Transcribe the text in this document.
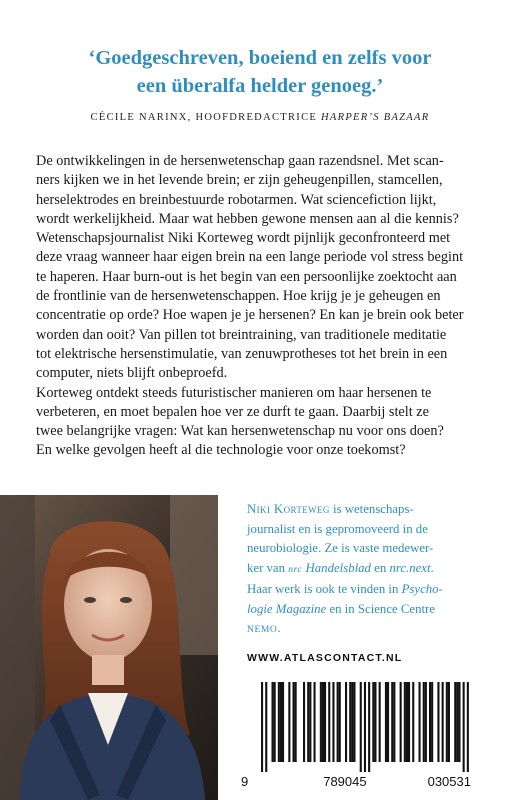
‘Goedgeschreven, boeiend en zelfs voor
een überalfa helder genoeg.’

CÉCILE NARINX, HOOFDREDACTRICE HARPER’S BAZAAR

De ontwikkelingen in de hersenwetenschap gaan razendsnel. Met scan-
ners kijken we in het levende brein; er zijn geheugenpillen, stamcellen,
herselektrodes en breinbestuurde robotarmen. Wat sciencefiction lijkt,
wordt werkelijkheid. Maar wat hebben gewone mensen aan al die kennis?
Wetenschapsjournalist Niki Korteweg wordt pijnlijk geconfronteerd met
deze vraag wanneer haar eigen brein na een lange periode vol stress begint
te haperen. Haar burn-out is het begin van een persoonlijke zoektocht aan
de frontlinie van de hersenwetenschappen. Hoe krijg je je geheugen en
concentratie op orde? Hoe wapen je je hersenen? En kan je brein ook beter
worden dan ooit? Van pillen tot breintraining, van traditionele meditatie
tot elektrische hersenstimulatie, van zenuwprotheses tot het brein in een
computer, niets blijft onbeproefd.

Korteweg ontdekt steeds futuristischer manieren om haar hersenen te
verbeteren, en moet bepalen hoe ver ze durft te gaan. Daarbij stelt ze
twee belangrijke vragen: Wat kan hersenwetenschap nu voor ons doen?
En welke gevolgen heeft al die technologie voor onze toekomst?

Niki Korteweg is wetenschaps-
journalist en is gepromoveerd in de
neurobiologie. Ze is vaste medewer-
ker van nrc Handelsblad en nrc.next.
Haar werk is ook te vinden in Psycho-
logie Magazine en in Science Centre
NEMO.

WWW.ATLASCONTACT.NL

9	789045	030531
